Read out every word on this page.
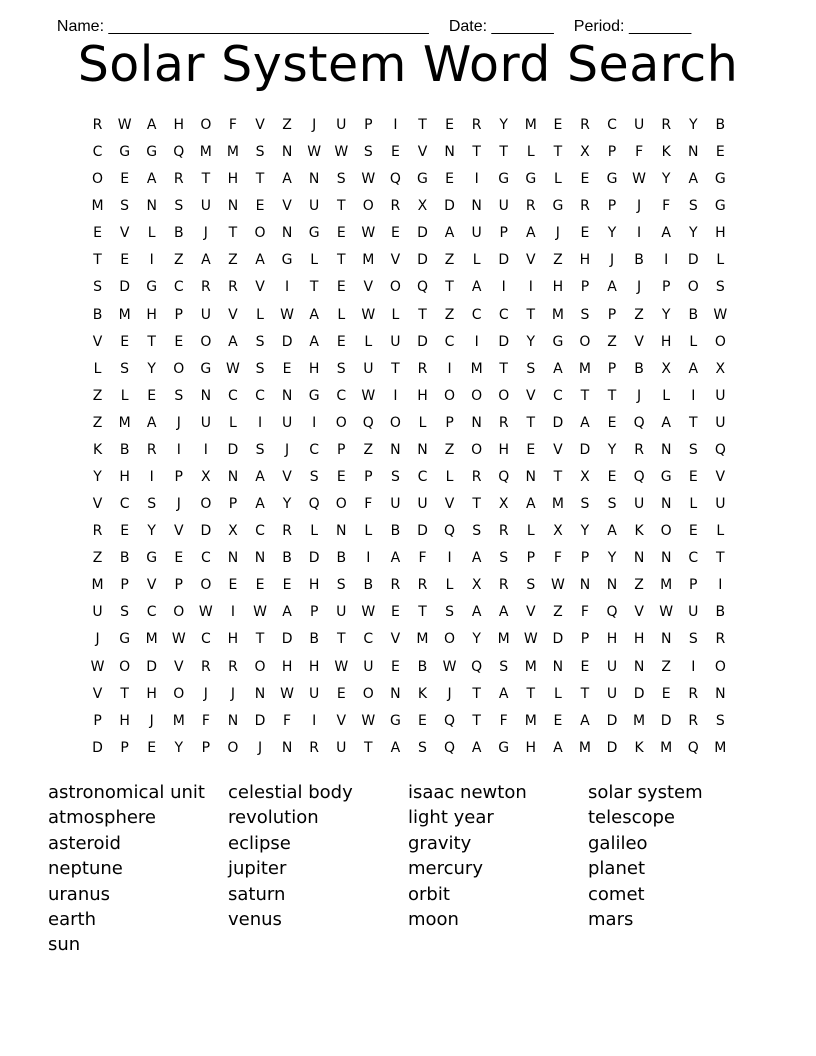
Name: ____________________________________ Date: _______ Period: _______

Solar System Word Search
R	W	A	H	O	F	V	Z	J	U	P	I	T	E	R	Y	M	E	R	C	U	R	Y	B
C	G	G	Q	M	M	S	N	W W	S	E	V	N	T	T	L	T	X	P	F	K	N	E
O	E	A	R	T	H	T	A	N	S	W	Q	G	E	I	G	G	L	E	G	W	Y	A	G
M	S	N	S	U	N	E	V	U	T	O	R	X	D	N	U	R	G	R	P	J	F	S	G
E	V	L	B	J	T	O	N	G	E	W	E	D	A	U	P	A	J	E	Y	I	A	Y	H
T	E	I	Z	A	Z	A	G	L	T	M	V	D	Z	L	D	V	Z	H	J	B	I	D	L
S	D	G	C	R	R	V	I	T	E	V	O	Q	T	A	I	I	H	P	A	J	P	O	S
B	M	H	P	U	V	L	W	A	L	W	L	T	Z	C	C	T	M	S	P	Z	Y	B	W
V	E	T	E	O	A	S	D	A	E	L	U	D	C	I	D	Y	G	O	Z	V	H	L	O
L	S	Y	O	G	W	S	E	H	S	U	T	R	I	M	T	S	A	M	P	B	X	A	X
Z	L	E	S	N	C	C	N	G	C	W	I	H	O	O	O	V	C	T	T	J	L	I	U
Z	M	A	J	U	L	I	U	I	O	Q	O	L	P	N	R	T	D	A	E	Q	A	T	U
K	B	R	I	I	D	S	J	C	P	Z	N	N	Z	O	H	E	V	D	Y	R	N	S	Q
Y	H	I	P	X	N	A	V	S	E	P	S	C	L	R	Q	N	T	X	E	Q	G	E	V
V	C	S	J	O	P	A	Y	Q	O	F	U	U	V	T	X	A	M	S	S	U	N	L	U
R	E	Y	V	D	X	C	R	L	N	L	B	D	Q	S	R	L	X	Y	A	K	O	E	L
Z	B	G	E	C	N	N	B	D	B	I	A	F	I	A	S	P	F	P	Y	N	N	C	T
M	P	V	P	O	E	E	E	H	S	B	R	R	L	X	R	S	W	N	N	Z	M	P	I
U	S	C	O	W	I	W	A	P	U	W	E	T	S	A	A	V	Z	F	Q	V	W	U	B
J	G	M	W	C	H	T	D	B	T	C	V	M	O	Y	M	W	D	P	H	H	N	S	R
W	O	D	V	R	R	O	H	H	W	U	E	B	W	Q	S	M	N	E	U	N	Z	I	O
V	T	H	O	J	J	N	W	U	E	O	N	K	J	T	A	T	L	T	U	D	E	R	N
P	H	J	M	F	N	D	F	I	V	W	G	E	Q	T	F	M	E	A	D	M	D	R	S
D	P	E	Y	P	O	J	N	R	U	T	A	S	Q	A	G	H	A	M	D	K	M	Q	M
astronomical unit
atmosphere
asteroid
neptune
uranus
earth
sun
celestial body
revolution
eclipse
jupiter
saturn
venus
isaac newton
light year
gravity
mercury
orbit
moon
solar system
telescope
galileo
planet
comet
mars
